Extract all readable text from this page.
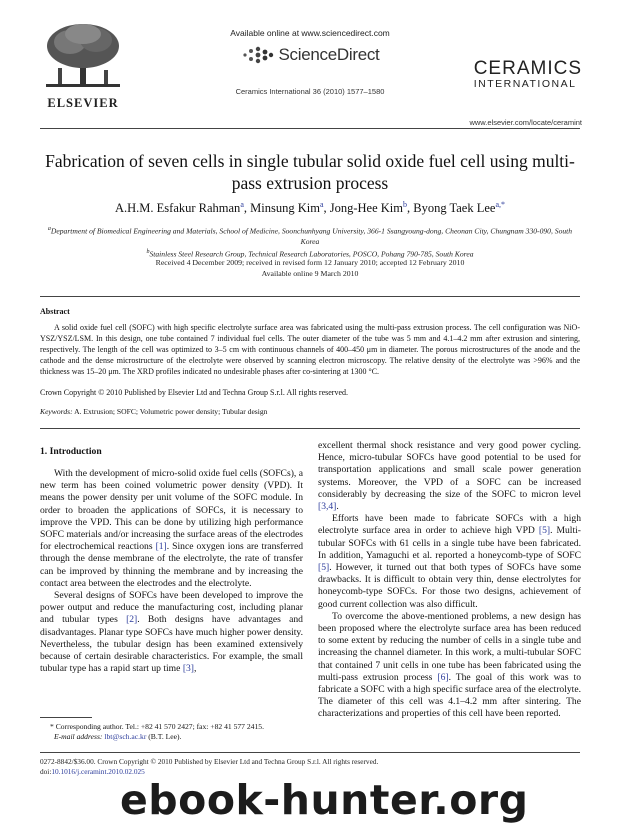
ELSEVIER
Available online at www.sciencedirect.com
ScienceDirect
Ceramics International 36 (2010) 1577–1580
CERAMICS
INTERNATIONAL
www.elsevier.com/locate/ceramint
Fabrication of seven cells in single tubular solid oxide fuel cell using multi-pass extrusion process
A.H.M. Esfakur Rahman$^a$, Minsung Kim$^a$, Jong-Hee Kim$^b$, Byong Taek Lee$^{a,*}$
$^a$Department of Biomedical Engineering and Materials, School of Medicine, Soonchunhyang University, 366-1 Ssangyoung-dong, Cheonan City, Chungnam 330-090, South Korea
$^b$Stainless Steel Research Group, Technical Research Laboratories, POSCO, Pohang 790-785, South Korea
Received 4 December 2009; received in revised form 12 January 2010; accepted 12 February 2010
Available online 9 March 2010
Abstract
A solid oxide fuel cell (SOFC) with high specific electrolyte surface area was fabricated using the multi-pass extrusion process. The cell configuration was NiO-YSZ/YSZ/LSM. In this design, one tube contained 7 individual fuel cells. The outer diameter of the tube was 5 mm and 4.1–4.2 mm after extrusion and sintering, respectively. The length of the cell was optimized to 3–5 cm with continuous channels of 400–450 μm in diameter. The porous microstructures of the anode and the cathode and the dense microstructure of the electrolyte were observed by scanning electron microscopy. The relative density of the electrolyte was >96% and the thickness was 15–20 μm. The XRD profiles indicated no undesirable phases after co-sintering at 1300 °C.
Crown Copyright © 2010 Published by Elsevier Ltd and Techna Group S.r.l. All rights reserved.
Keywords: A. Extrusion; SOFC; Volumetric power density; Tubular design
1. Introduction

With the development of micro-solid oxide fuel cells (SOFCs), a new term has been coined volumetric power density (VPD). It means the power density per unit volume of the SOFC module. In order to broaden the applications of SOFCs, it is necessary to improve the VPD. This can be done by utilizing high performance SOFC materials and/or increasing the surface areas of the electrodes for electrochemical reactions [1]. Since oxygen ions are transferred through the dense membrane of the electrolyte, the rate of transfer can be improved by thinning the membrane and by increasing the contact area between the electrodes and the electrolyte.

Several designs of SOFCs have been developed to improve the power output and reduce the manufacturing cost, including planar and tubular types [2]. Both designs have advantages and disadvantages. Planar type SOFCs have much higher power density. Nevertheless, the tubular design has been examined extensively because of certain desirable characteristics. For example, the small tubular type has a rapid start up time [3],

excellent thermal shock resistance and very good power cycling. Hence, micro-tubular SOFCs have good potential to be used for transportation applications and small scale power generation systems. Moreover, the VPD of a SOFC can be increased considerably by decreasing the size of the SOFC to micron level [3,4].

Efforts have been made to fabricate SOFCs with a high electrolyte surface area in order to achieve high VPD [5]. Multi-tubular SOFCs with 61 cells in a single tube have been fabricated. In addition, Yamaguchi et al. reported a honeycomb-type of SOFC [5]. However, it turned out that both types of SOFCs have some drawbacks. It is difficult to obtain very thin, dense electrolytes for honeycomb-type SOFCs. For those two designs, achievement of good current collection was also difficult.

To overcome the above-mentioned problems, a new design has been proposed where the electrolyte surface area has been reduced to some extent by reducing the number of cells in a single tube and increasing the channel diameter. In this work, a multi-tubular SOFC that contained 7 unit cells in one tube has been fabricated using the multi-pass extrusion process [6]. The goal of this work was to fabricate a SOFC with a high specific surface area of the electrolyte. The diameter of this cell was 4.1–4.2 mm after sintering. The characterizations and properties of this cell have been reported.

* Corresponding author. Tel.: +82 41 570 2427; fax: +82 41 577 2415.
E-mail address: lbt@sch.ac.kr (B.T. Lee).
0272-8842/$36.00. Crown Copyright © 2010 Published by Elsevier Ltd and Techna Group S.r.l. All rights reserved.
doi:10.1016/j.ceramint.2010.02.025
ebook-hunter.org
